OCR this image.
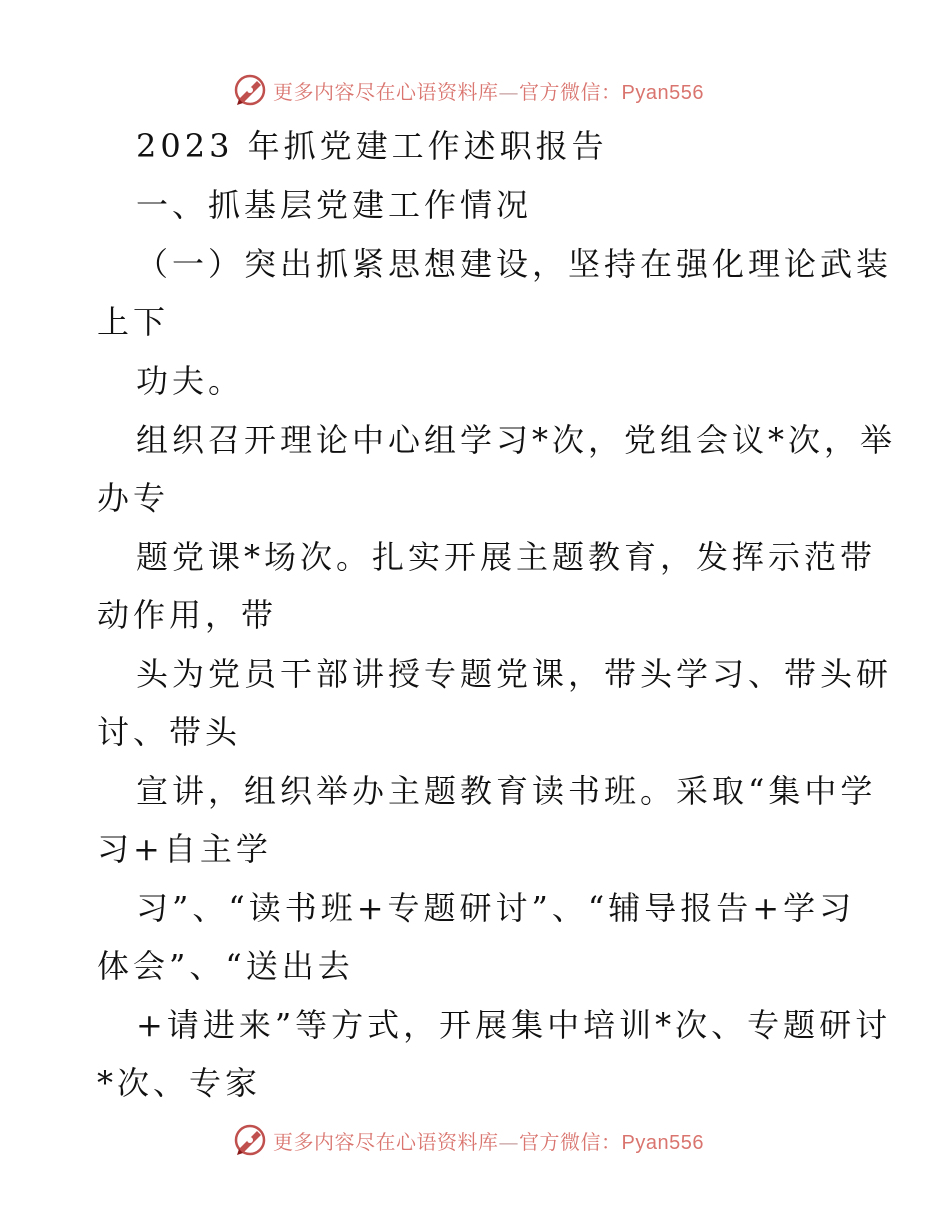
更多内容尽在心语资料库—官方微信：Pyan556
2023 年抓党建工作述职报告
一、抓基层党建工作情况
（一）突出抓紧思想建设，坚持在强化理论武装
上下
功夫。
组织召开理论中心组学习*次，党组会议*次，举
办专
题党课*场次。扎实开展主题教育，发挥示范带
动作用，带
头为党员干部讲授专题党课，带头学习、带头研
讨、带头
宣讲，组织举办主题教育读书班。采取“集中学
习+自主学
习”、“读书班+专题研讨”、“辅导报告+学习
体会”、“送出去
+请进来”等方式，开展集中培训*次、专题研讨
*次、专家
更多内容尽在心语资料库—官方微信：Pyan556
